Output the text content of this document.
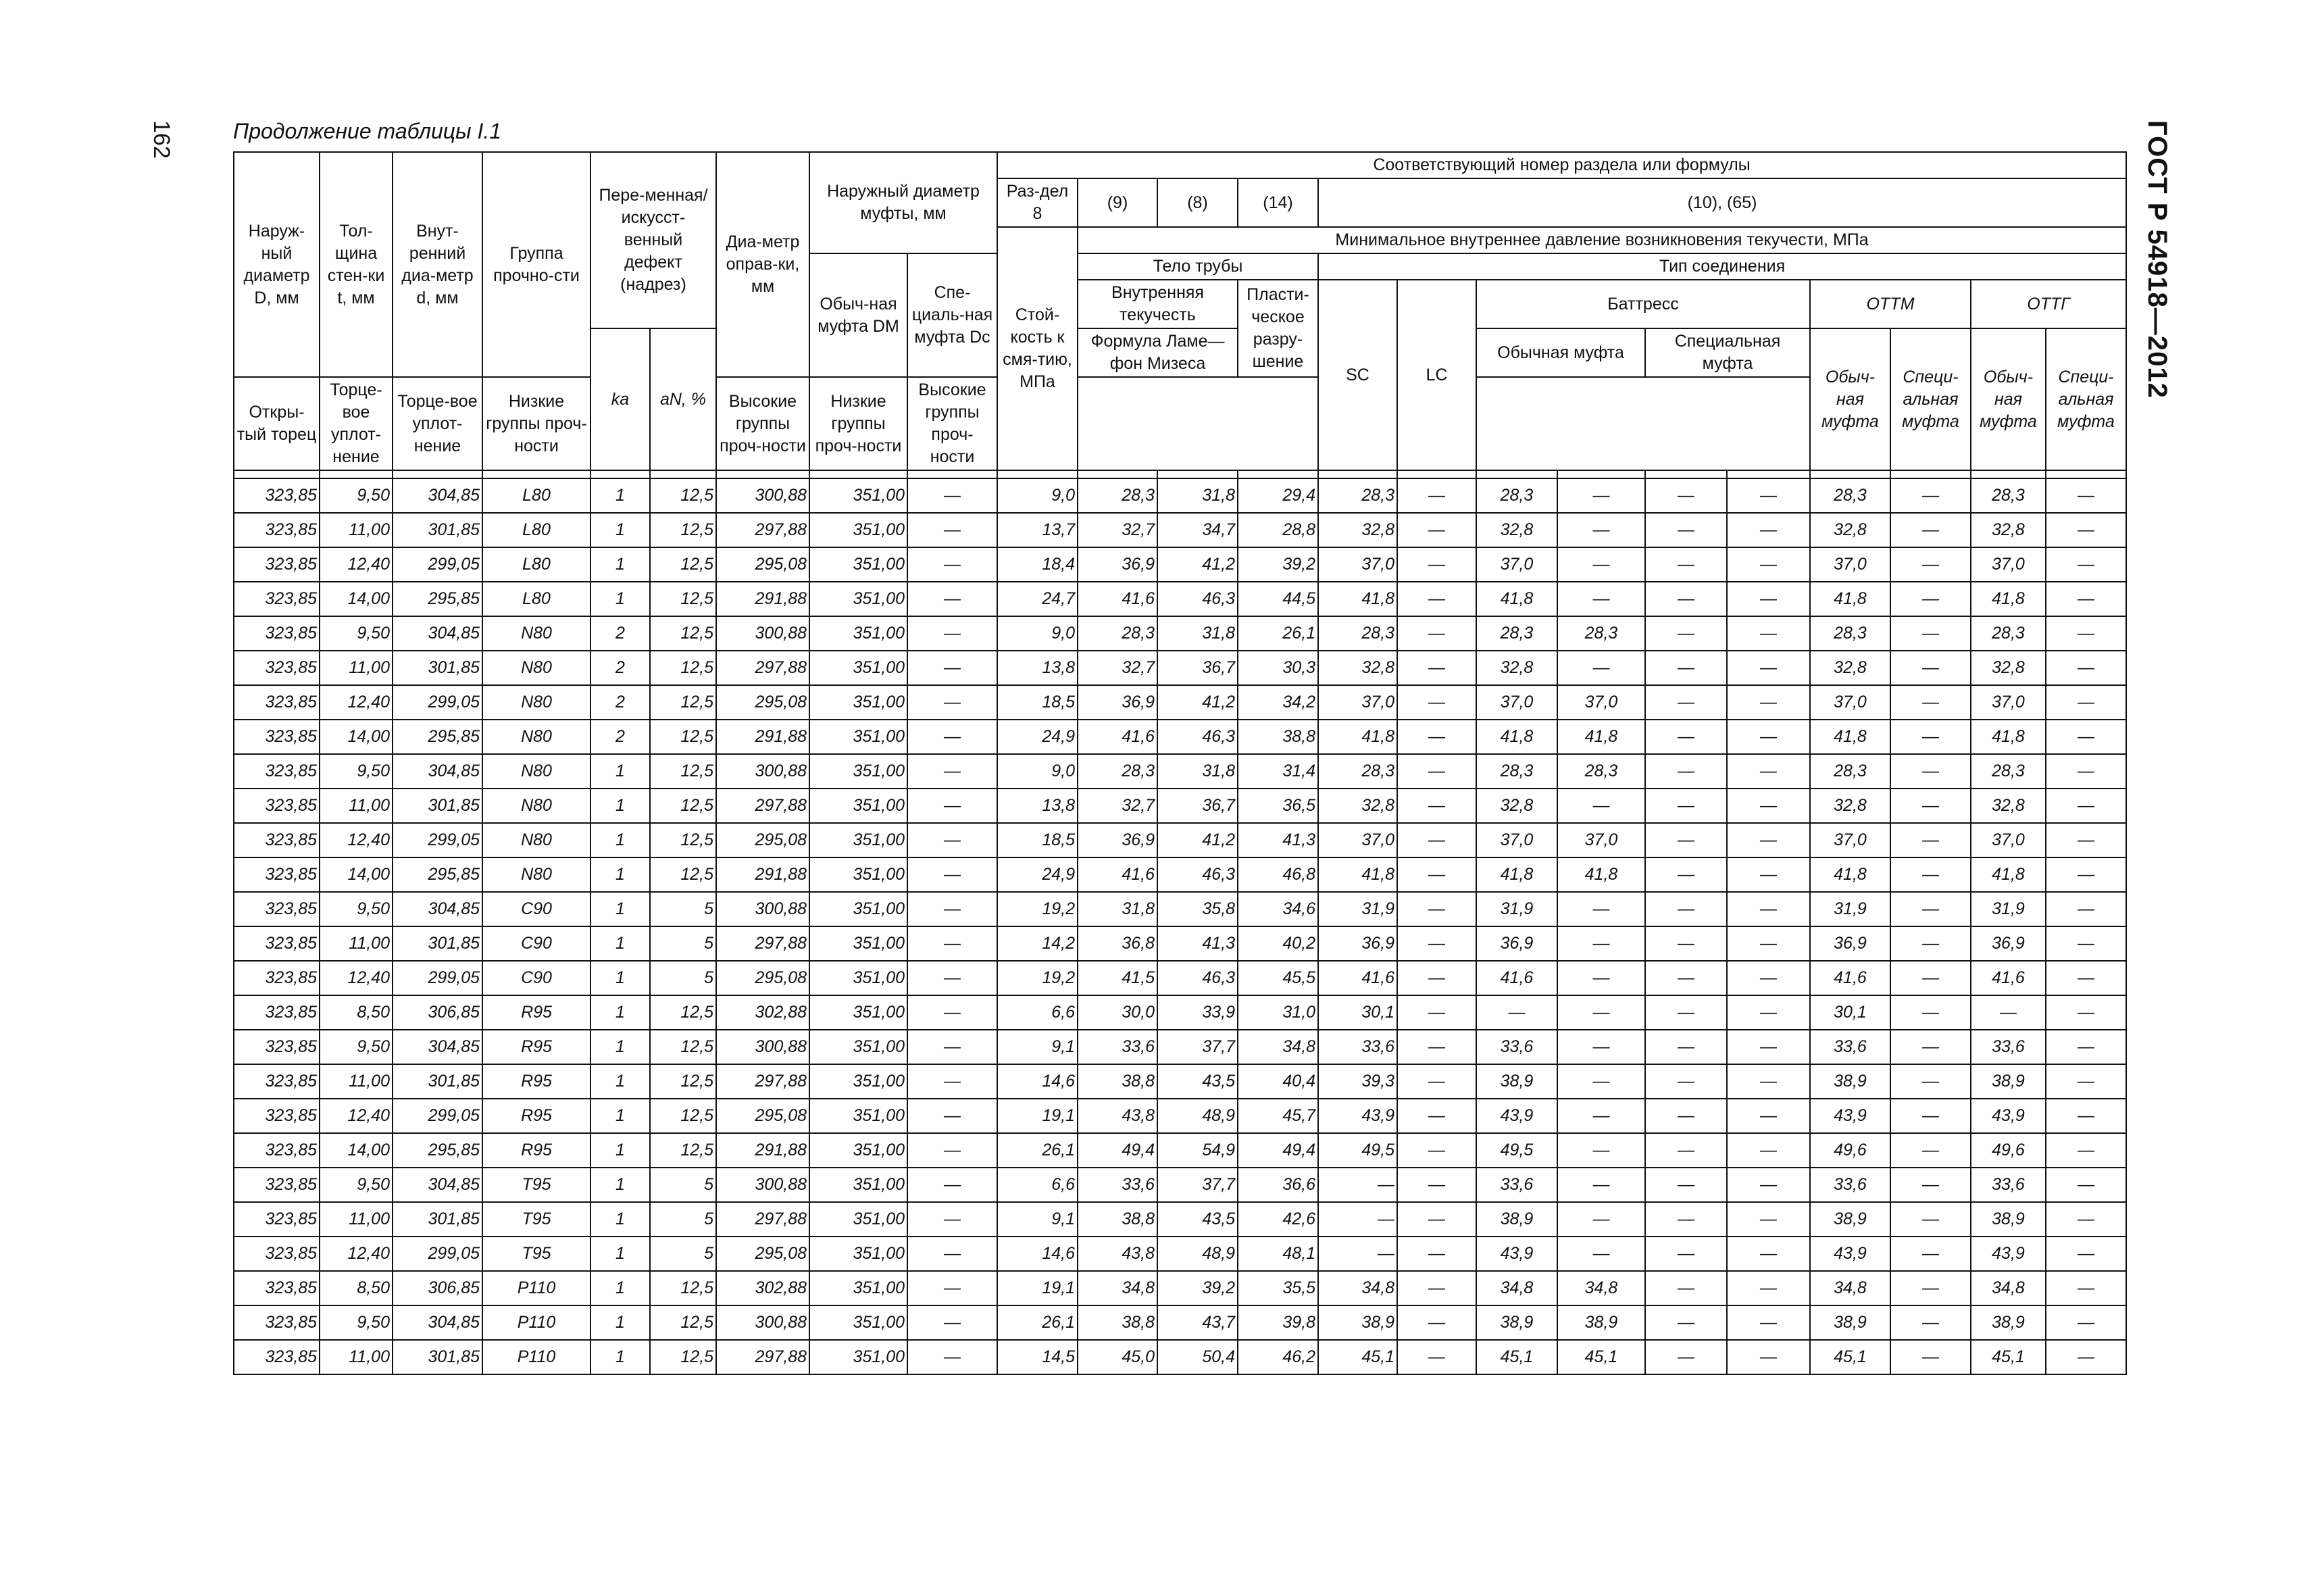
162	ГОСТ Р 54918—2012
Продолжение таблицы I.1
Наруж-ный диаметр D, мм	Тол-щина стен-ки t, мм	Внут-ренний диа-метр d, мм	Группа прочно-сти	Пере-менная/ искусст-венный дефект (надрез)		Диа-метр оправ-ки, мм	Наружный диаметр муфты, мм		Соответствующий номер раздела или формулы													
									Раз-дел 8	(9)	(8)	(14)	(10), (65)									
									Стой-кость к смя-тию, МПа	Минимальное внутреннее давление возникновения текучести, МПа												
							Обыч-ная муфта DМ	Спе-циаль-ная муфта Dс		Тело трубы			Тип соединения									
										Внутренняя текучесть		Пласти-ческое разру-шение	SC	LC	Баттресс				ОТТМ		ОТТГ	
				kа	aN, %					Формула Ламе—фон Мизеса					Обычная муфта		Специальная муфта		Обыч-ная муфта	Специ-альная муфта	Обыч-ная муфта	Специ-альная муфта
Откры-тый торец	Торце-вое уплот-нение	Торце-вое уплот-нение	Низкие группы проч-ности			Высокие группы проч-ности	Низкие группы проч-ности	Высокие группы проч-ности														

323,85	9,50	304,85	L80	1	12,5	300,88	351,00	—	9,0	28,3	31,8	29,4	28,3	—	28,3	—	—	—	28,3	—	28,3	—
323,85	11,00	301,85	L80	1	12,5	297,88	351,00	—	13,7	32,7	34,7	28,8	32,8	—	32,8	—	—	—	32,8	—	32,8	—
323,85	12,40	299,05	L80	1	12,5	295,08	351,00	—	18,4	36,9	41,2	39,2	37,0	—	37,0	—	—	—	37,0	—	37,0	—
323,85	14,00	295,85	L80	1	12,5	291,88	351,00	—	24,7	41,6	46,3	44,5	41,8	—	41,8	—	—	—	41,8	—	41,8	—
323,85	9,50	304,85	N80	2	12,5	300,88	351,00	—	9,0	28,3	31,8	26,1	28,3	—	28,3	28,3	—	—	28,3	—	28,3	—
323,85	11,00	301,85	N80	2	12,5	297,88	351,00	—	13,8	32,7	36,7	30,3	32,8	—	32,8	—	—	—	32,8	—	32,8	—
323,85	12,40	299,05	N80	2	12,5	295,08	351,00	—	18,5	36,9	41,2	34,2	37,0	—	37,0	37,0	—	—	37,0	—	37,0	—
323,85	14,00	295,85	N80	2	12,5	291,88	351,00	—	24,9	41,6	46,3	38,8	41,8	—	41,8	41,8	—	—	41,8	—	41,8	—
323,85	9,50	304,85	N80	1	12,5	300,88	351,00	—	9,0	28,3	31,8	31,4	28,3	—	28,3	28,3	—	—	28,3	—	28,3	—
323,85	11,00	301,85	N80	1	12,5	297,88	351,00	—	13,8	32,7	36,7	36,5	32,8	—	32,8	—	—	—	32,8	—	32,8	—
323,85	12,40	299,05	N80	1	12,5	295,08	351,00	—	18,5	36,9	41,2	41,3	37,0	—	37,0	37,0	—	—	37,0	—	37,0	—
323,85	14,00	295,85	N80	1	12,5	291,88	351,00	—	24,9	41,6	46,3	46,8	41,8	—	41,8	41,8	—	—	41,8	—	41,8	—
323,85	9,50	304,85	C90	1	5	300,88	351,00	—	19,2	31,8	35,8	34,6	31,9	—	31,9	—	—	—	31,9	—	31,9	—
323,85	11,00	301,85	C90	1	5	297,88	351,00	—	14,2	36,8	41,3	40,2	36,9	—	36,9	—	—	—	36,9	—	36,9	—
323,85	12,40	299,05	C90	1	5	295,08	351,00	—	19,2	41,5	46,3	45,5	41,6	—	41,6	—	—	—	41,6	—	41,6	—
323,85	8,50	306,85	R95	1	12,5	302,88	351,00	—	6,6	30,0	33,9	31,0	30,1	—	—	—	—	—	30,1	—	—	—
323,85	9,50	304,85	R95	1	12,5	300,88	351,00	—	9,1	33,6	37,7	34,8	33,6	—	33,6	—	—	—	33,6	—	33,6	—
323,85	11,00	301,85	R95	1	12,5	297,88	351,00	—	14,6	38,8	43,5	40,4	39,3	—	38,9	—	—	—	38,9	—	38,9	—
323,85	12,40	299,05	R95	1	12,5	295,08	351,00	—	19,1	43,8	48,9	45,7	43,9	—	43,9	—	—	—	43,9	—	43,9	—
323,85	14,00	295,85	R95	1	12,5	291,88	351,00	—	26,1	49,4	54,9	49,4	49,5	—	49,5	—	—	—	49,6	—	49,6	—
323,85	9,50	304,85	T95	1	5	300,88	351,00	—	6,6	33,6	37,7	36,6	—	—	33,6	—	—	—	33,6	—	33,6	—
323,85	11,00	301,85	T95	1	5	297,88	351,00	—	9,1	38,8	43,5	42,6	—	—	38,9	—	—	—	38,9	—	38,9	—
323,85	12,40	299,05	T95	1	5	295,08	351,00	—	14,6	43,8	48,9	48,1	—	—	43,9	—	—	—	43,9	—	43,9	—
323,85	8,50	306,85	P110	1	12,5	302,88	351,00	—	19,1	34,8	39,2	35,5	34,8	—	34,8	34,8	—	—	34,8	—	34,8	—
323,85	9,50	304,85	P110	1	12,5	300,88	351,00	—	26,1	38,8	43,7	39,8	38,9	—	38,9	38,9	—	—	38,9	—	38,9	—
323,85	11,00	301,85	P110	1	12,5	297,88	351,00	—	14,5	45,0	50,4	46,2	45,1	—	45,1	45,1	—	—	45,1	—	45,1	—
